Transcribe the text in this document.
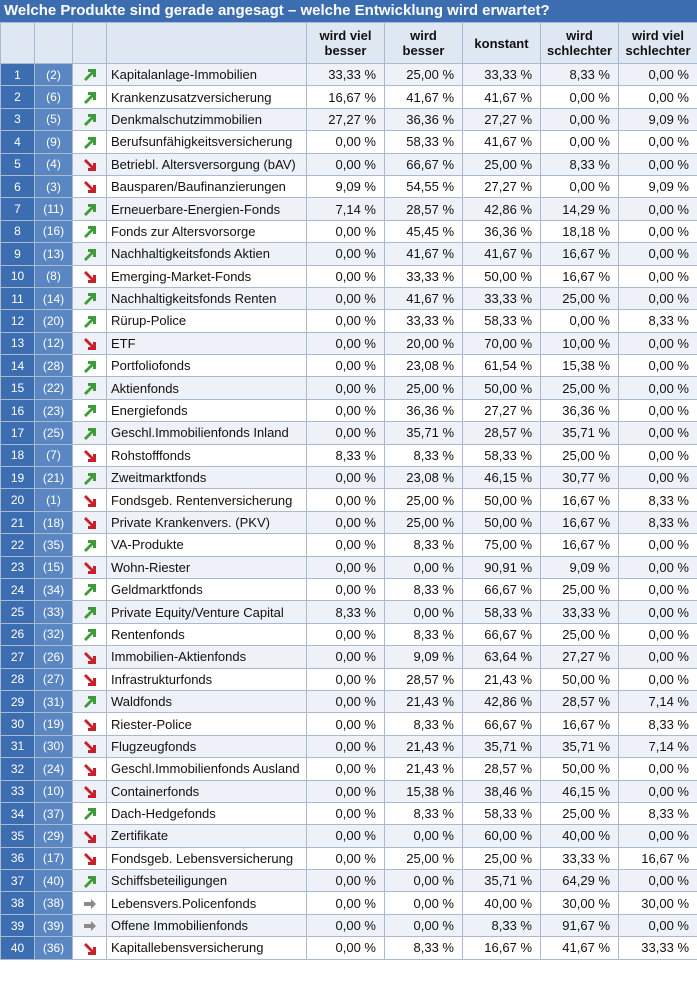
Welche Produkte sind gerade angesagt – welche Entwicklung wird erwartet?
				wird viel
besser	wird
besser	konstant	wird
schlechter	wird viel
schlechter
1	(2)		Kapitalanlage-Immobilien	33,33 %	25,00 %	33,33 %	8,33 %	0,00 %
2	(6)		Krankenzusatzversicherung	16,67 %	41,67 %	41,67 %	0,00 %	0,00 %
3	(5)		Denkmalschutzimmobilien	27,27 %	36,36 %	27,27 %	0,00 %	9,09 %
4	(9)		Berufsunfähigkeitsversicherung	0,00 %	58,33 %	41,67 %	0,00 %	0,00 %
5	(4)		Betriebl. Altersversorgung (bAV)	0,00 %	66,67 %	25,00 %	8,33 %	0,00 %
6	(3)		Bausparen/Baufinanzierungen	9,09 %	54,55 %	27,27 %	0,00 %	9,09 %
7	(11)		Erneuerbare-Energien-Fonds	7,14 %	28,57 %	42,86 %	14,29 %	0,00 %
8	(16)		Fonds zur Altersvorsorge	0,00 %	45,45 %	36,36 %	18,18 %	0,00 %
9	(13)		Nachhaltigkeitsfonds Aktien	0,00 %	41,67 %	41,67 %	16,67 %	0,00 %
10	(8)		Emerging-Market-Fonds	0,00 %	33,33 %	50,00 %	16,67 %	0,00 %
11	(14)		Nachhaltigkeitsfonds Renten	0,00 %	41,67 %	33,33 %	25,00 %	0,00 %
12	(20)		Rürup-Police	0,00 %	33,33 %	58,33 %	0,00 %	8,33 %
13	(12)		ETF	0,00 %	20,00 %	70,00 %	10,00 %	0,00 %
14	(28)		Portfoliofonds	0,00 %	23,08 %	61,54 %	15,38 %	0,00 %
15	(22)		Aktienfonds	0,00 %	25,00 %	50,00 %	25,00 %	0,00 %
16	(23)		Energiefonds	0,00 %	36,36 %	27,27 %	36,36 %	0,00 %
17	(25)		Geschl.Immobilienfonds Inland	0,00 %	35,71 %	28,57 %	35,71 %	0,00 %
18	(7)		Rohstofffonds	8,33 %	8,33 %	58,33 %	25,00 %	0,00 %
19	(21)		Zweitmarktfonds	0,00 %	23,08 %	46,15 %	30,77 %	0,00 %
20	(1)		Fondsgeb. Rentenversicherung	0,00 %	25,00 %	50,00 %	16,67 %	8,33 %
21	(18)		Private Krankenvers. (PKV)	0,00 %	25,00 %	50,00 %	16,67 %	8,33 %
22	(35)		VA-Produkte	0,00 %	8,33 %	75,00 %	16,67 %	0,00 %
23	(15)		Wohn-Riester	0,00 %	0,00 %	90,91 %	9,09 %	0,00 %
24	(34)		Geldmarktfonds	0,00 %	8,33 %	66,67 %	25,00 %	0,00 %
25	(33)		Private Equity/Venture Capital	8,33 %	0,00 %	58,33 %	33,33 %	0,00 %
26	(32)		Rentenfonds	0,00 %	8,33 %	66,67 %	25,00 %	0,00 %
27	(26)		Immobilien-Aktienfonds	0,00 %	9,09 %	63,64 %	27,27 %	0,00 %
28	(27)		Infrastrukturfonds	0,00 %	28,57 %	21,43 %	50,00 %	0,00 %
29	(31)		Waldfonds	0,00 %	21,43 %	42,86 %	28,57 %	7,14 %
30	(19)		Riester-Police	0,00 %	8,33 %	66,67 %	16,67 %	8,33 %
31	(30)		Flugzeugfonds	0,00 %	21,43 %	35,71 %	35,71 %	7,14 %
32	(24)		Geschl.Immobilienfonds Ausland	0,00 %	21,43 %	28,57 %	50,00 %	0,00 %
33	(10)		Containerfonds	0,00 %	15,38 %	38,46 %	46,15 %	0,00 %
34	(37)		Dach-Hedgefonds	0,00 %	8,33 %	58,33 %	25,00 %	8,33 %
35	(29)		Zertifikate	0,00 %	0,00 %	60,00 %	40,00 %	0,00 %
36	(17)		Fondsgeb. Lebensversicherung	0,00 %	25,00 %	25,00 %	33,33 %	16,67 %
37	(40)		Schiffsbeteiligungen	0,00 %	0,00 %	35,71 %	64,29 %	0,00 %
38	(38)		Lebensvers.Policenfonds	0,00 %	0,00 %	40,00 %	30,00 %	30,00 %
39	(39)		Offene Immobilienfonds	0,00 %	0,00 %	8,33 %	91,67 %	0,00 %
40	(36)		Kapitallebensversicherung	0,00 %	8,33 %	16,67 %	41,67 %	33,33 %
